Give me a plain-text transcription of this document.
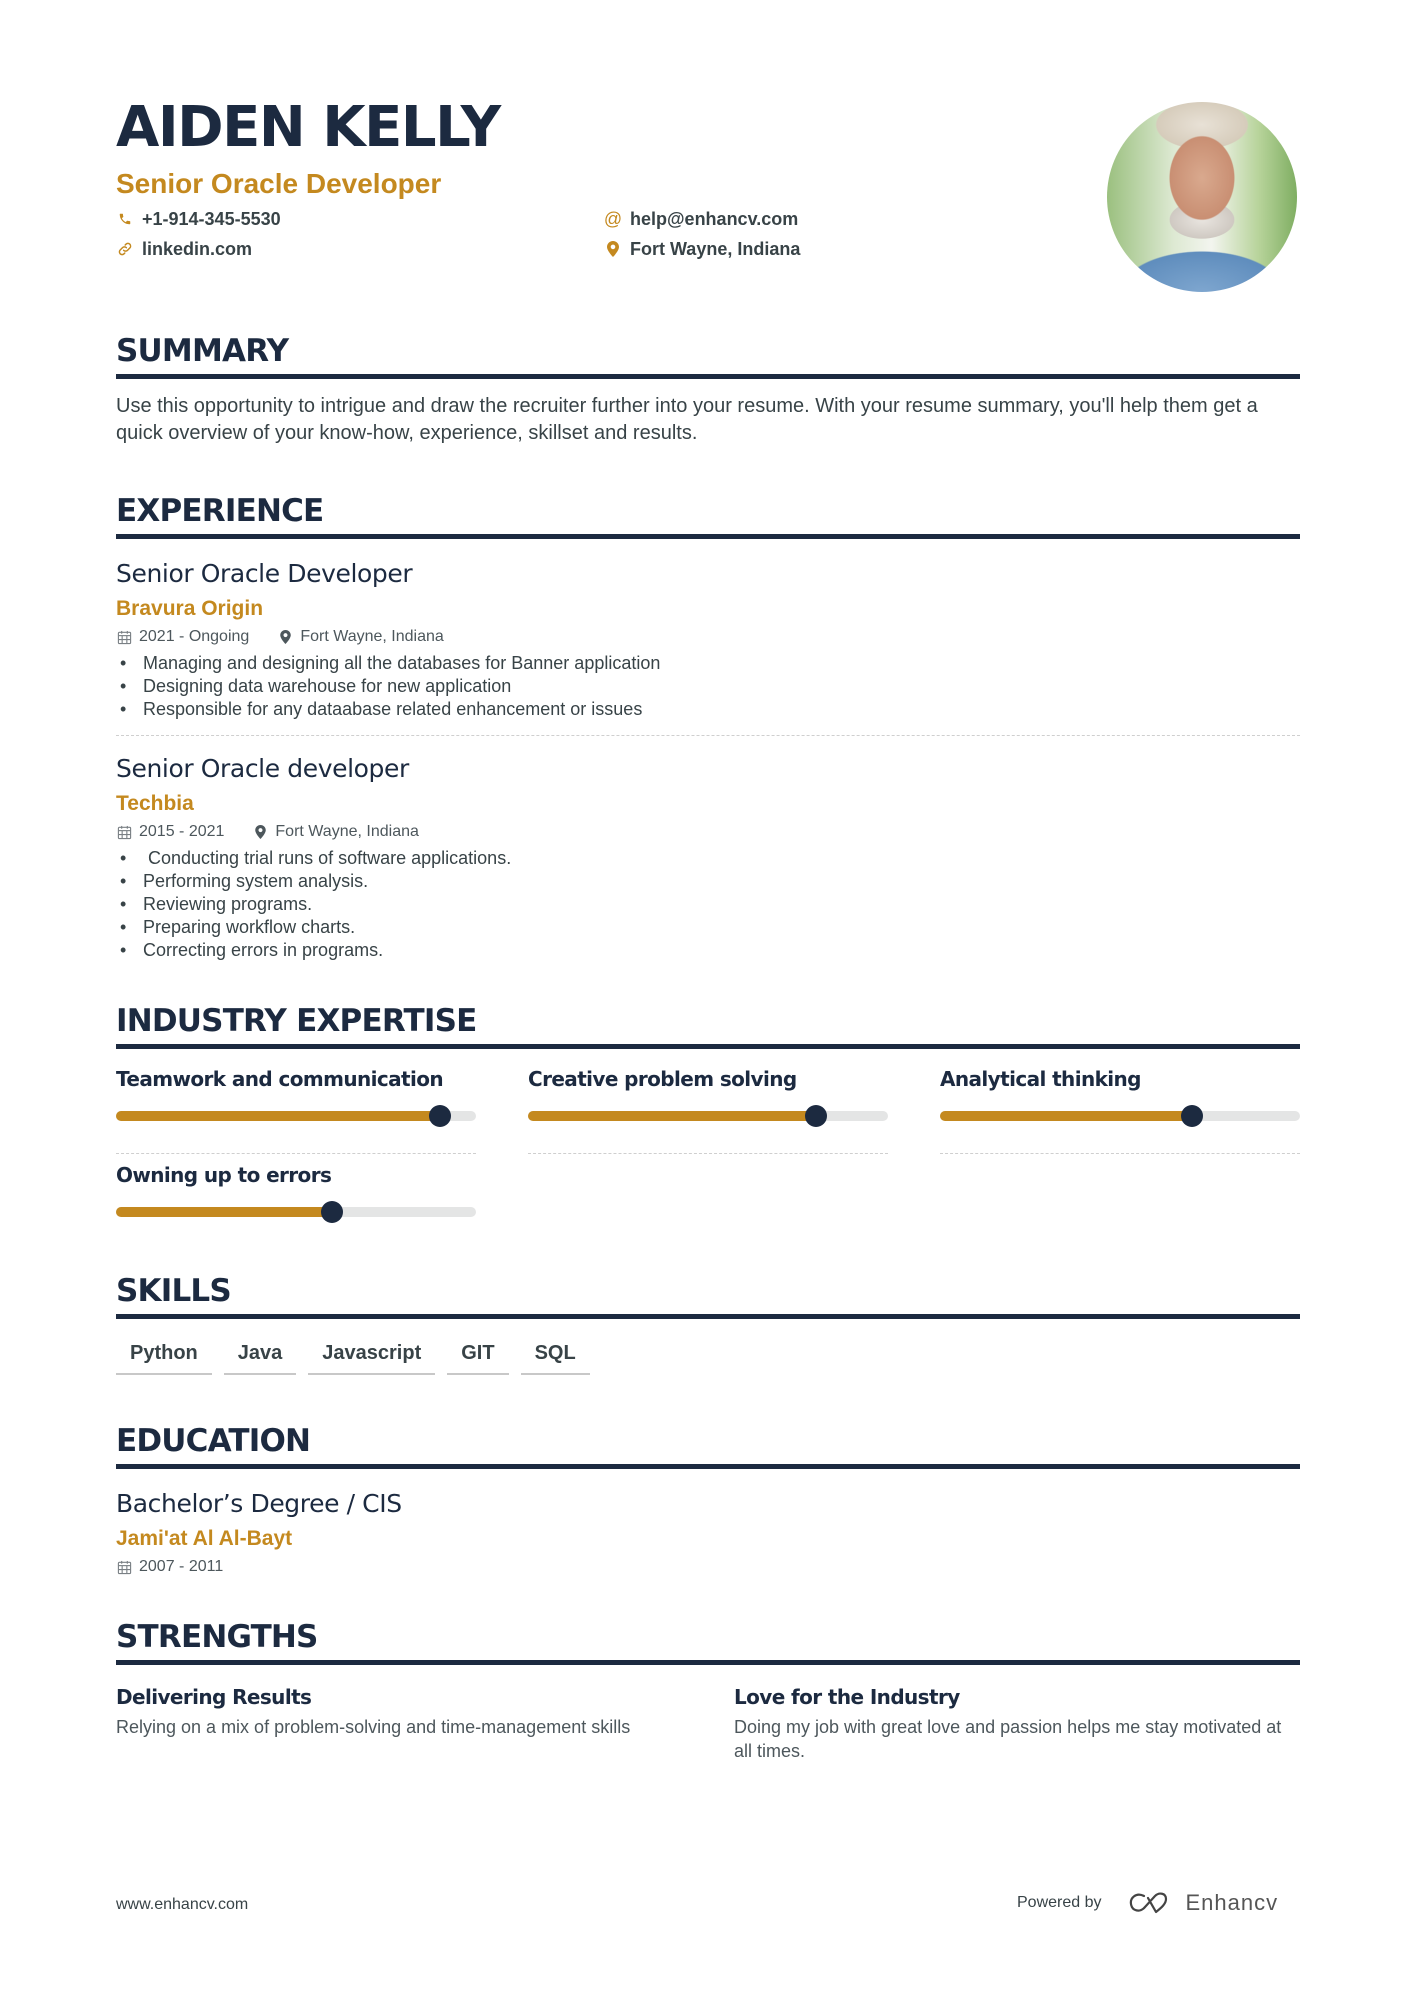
AIDEN KELLY
Senior Oracle Developer
+1-914-345-5530
linkedin.com
@ help@enhancv.com
Fort Wayne, Indiana
SUMMARY
Use this opportunity to intrigue and draw the recruiter further into your resume. With your resume summary, you'll help them get a quick overview of your know-how, experience, skillset and results.
EXPERIENCE
Senior Oracle Developer
Bravura Origin
2021 - Ongoing	Fort Wayne, Indiana
• Managing and designing all the databases for Banner application
• Designing data warehouse for new application
• Responsible for any dataabase related enhancement or issues
Senior Oracle developer
Techbia
2015 - 2021	Fort Wayne, Indiana
•  Conducting trial runs of software applications.
• Performing system analysis.
• Reviewing programs.
• Preparing workflow charts.
• Correcting errors in programs.
INDUSTRY EXPERTISE
Teamwork and communication	Creative problem solving	Analytical thinking
Owning up to errors
SKILLS
Python	Java	Javascript	GIT	SQL
EDUCATION
Bachelor’s Degree / CIS
Jami'at Al Al-Bayt
2007 - 2011
STRENGTHS
Delivering Results
Relying on a mix of problem-solving and time-management skills
Love for the Industry
Doing my job with great love and passion helps me stay motivated at all times.
www.enhancv.com	Powered by	Enhancv
